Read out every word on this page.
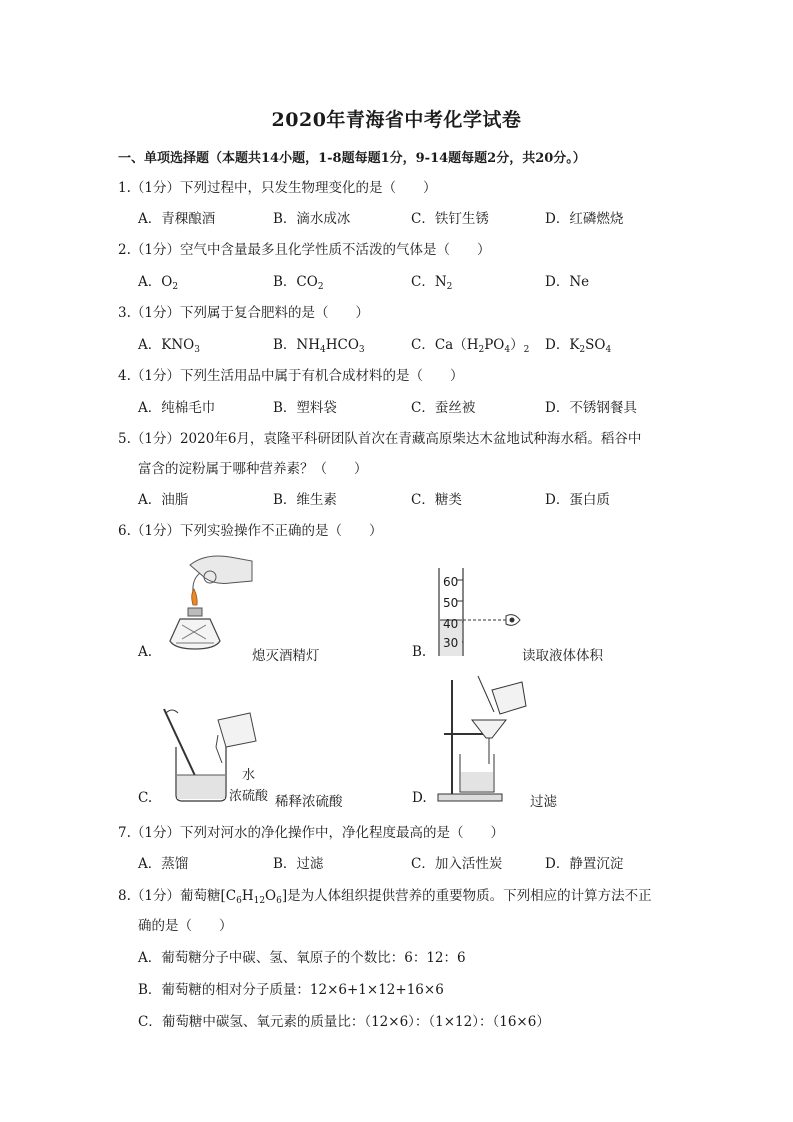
2020年青海省中考化学试卷
一、单项选择题（本题共14小题，1-8题每题1分，9-14题每题2分，共20分。）
1.（1分）下列过程中，只发生物理变化的是（　　）
A．青稞酿酒	B．滴水成冰	C．铁钉生锈	D．红磷燃烧
2.（1分）空气中含量最多且化学性质不活泼的气体是（　　）
A．$O_2$	B．$CO_2$	C．$N_2$	D．Ne
3.（1分）下列属于复合肥料的是（　　）
A．$KNO_3$	B．$NH_4HCO_3$	C．$Ca(H_2PO_4)_2$ D．$K_2SO_4$
4.（1分）下列生活用品中属于有机合成材料的是（　　）
A．纯棉毛巾	B．塑料袋	C．蚕丝被	D．不锈钢餐具
5.（1分）2020年6月，袁隆平科研团队首次在青藏高原柴达木盆地试种海水稻。稻谷中
富含的淀粉属于哪种营养素？（　　）
A．油脂	B．维生素	C．糖类	D．蛋白质
6.（1分）下列实验操作不正确的是（　　）
A.	熄灭酒精灯
60
50
40
30
B.	读取液体体积
水
浓硫酸
C.	稀释浓硫酸	D.	过滤
7.（1分）下列对河水的净化操作中，净化程度最高的是（　　）
A．蒸馏	B．过滤	C．加入活性炭	D．静置沉淀
8.（1分）葡萄糖$[C_6H_{12}O_6]$是为人体组织提供营养的重要物质。下列相应的计算方法不正
确的是（　　）
A．葡萄糖分子中碳、氢、氧原子的个数比：6：12：6
B．葡萄糖的相对分子质量：12×6+1×12+16×6
C．葡萄糖中碳氢、氧元素的质量比：（12×6）：（1×12）：（16×6）
